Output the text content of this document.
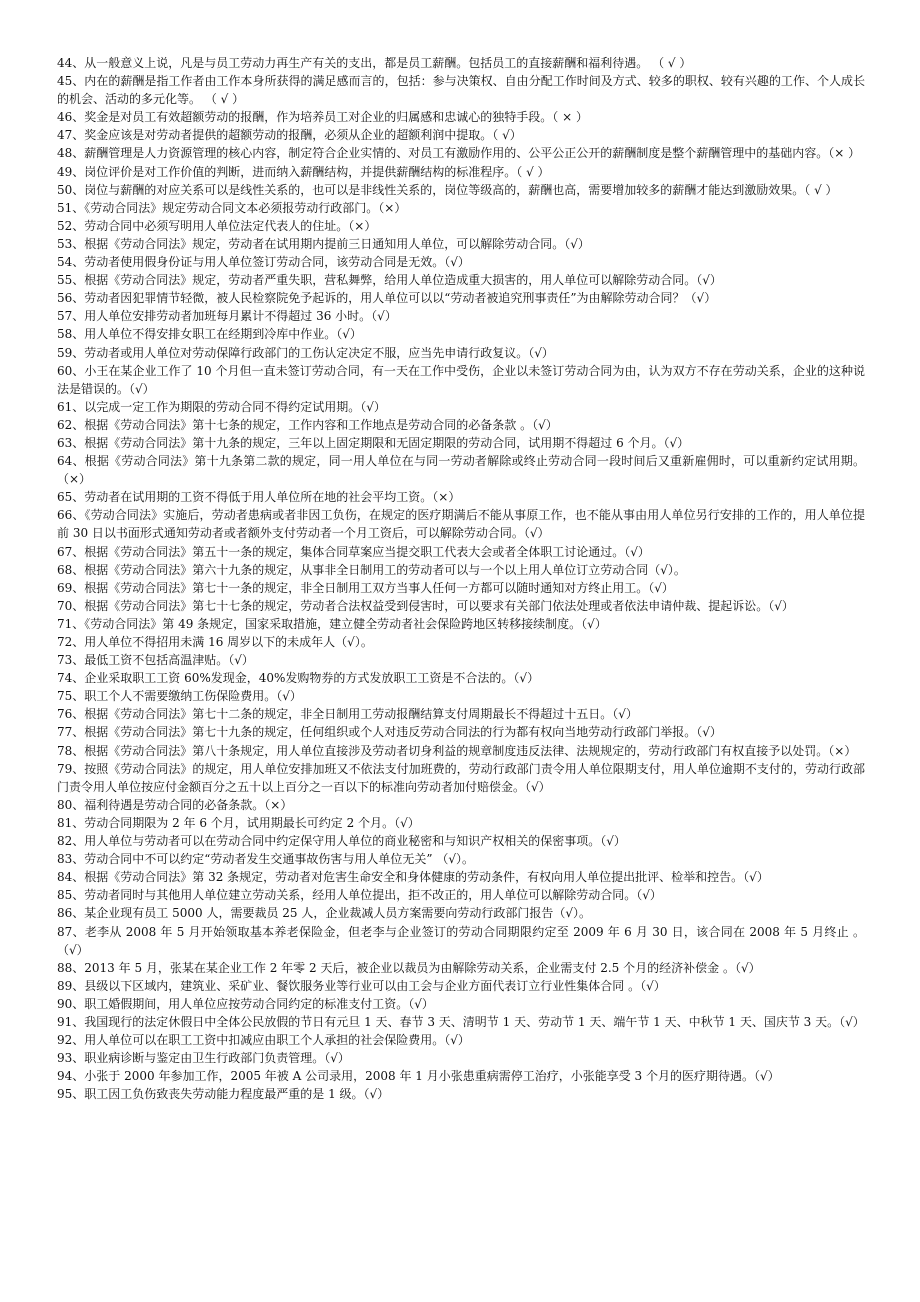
44、从一般意义上说，凡是与员工劳动力再生产有关的支出，都是员工薪酬。包括员工的直接薪酬和福利待遇。 （ √ ）

45、内在的薪酬是指工作者由工作本身所获得的满足感而言的，包括：参与决策权、自由分配工作时间及方式、较多的职权、较有兴趣的工作、个人成长的机会、活动的多元化等。 （ √ ）

46、奖金是对员工有效超额劳动的报酬，作为培养员工对企业的归属感和忠诚心的独特手段。（ × ）

47、奖金应该是对劳动者提供的超额劳动的报酬，必须从企业的超额利润中提取。（ √）

48、薪酬管理是人力资源管理的核心内容，制定符合企业实情的、对员工有激励作用的、公平公正公开的薪酬制度是整个薪酬管理中的基础内容。（× ）

49、岗位评价是对工作价值的判断，进而纳入薪酬结构，并提供薪酬结构的标准程序。（ √ ）

50、岗位与薪酬的对应关系可以是线性关系的，也可以是非线性关系的，岗位等级高的，薪酬也高，需要增加较多的薪酬才能达到激励效果。（ √ ）

51、《劳动合同法》规定劳动合同文本必须报劳动行政部门。（×）

52、劳动合同中必须写明用人单位法定代表人的住址。（×）

53、根据《劳动合同法》规定，劳动者在试用期内提前三日通知用人单位，可以解除劳动合同。（√）

54、劳动者使用假身份证与用人单位签订劳动合同，该劳动合同是无效。（√）

55、根据《劳动合同法》规定，劳动者严重失职，营私舞弊，给用人单位造成重大损害的，用人单位可以解除劳动合同。（√）

56、劳动者因犯罪情节轻微，被人民检察院免予起诉的，用人单位可以以“劳动者被追究刑事责任”为由解除劳动合同？（√）

57、用人单位安排劳动者加班每月累计不得超过 36 小时。（√）

58、用人单位不得安排女职工在经期到冷库中作业。（√）

59、劳动者或用人单位对劳动保障行政部门的工伤认定决定不服，应当先申请行政复议。（√）

60、小王在某企业工作了 10 个月但一直未签订劳动合同，有一天在工作中受伤，企业以未签订劳动合同为由，认为双方不存在劳动关系，企业的这种说法是错误的。（√）

61、以完成一定工作为期限的劳动合同不得约定试用期。（√）

62、根据《劳动合同法》第十七条的规定，工作内容和工作地点是劳动合同的必备条款 。（√）

63、根据《劳动合同法》第十九条的规定，三年以上固定期限和无固定期限的劳动合同，试用期不得超过 6 个月。（√）

64、根据《劳动合同法》第十九条第二款的规定，同一用人单位在与同一劳动者解除或终止劳动合同一段时间后又重新雇佣时，可以重新约定试用期。（×）

65、劳动者在试用期的工资不得低于用人单位所在地的社会平均工资。（×）

66、《劳动合同法》实施后，劳动者患病或者非因工负伤，在规定的医疗期满后不能从事原工作，也不能从事由用人单位另行安排的工作的，用人单位提前 30 日以书面形式通知劳动者或者额外支付劳动者一个月工资后，可以解除劳动合同。（√）

67、根据《劳动合同法》第五十一条的规定，集体合同草案应当提交职工代表大会或者全体职工讨论通过。（√）

68、根据《劳动合同法》第六十九条的规定，从事非全日制用工的劳动者可以与一个以上用人单位订立劳动合同（√）。

69、根据《劳动合同法》第七十一条的规定，非全日制用工双方当事人任何一方都可以随时通知对方终止用工。（√）

70、根据《劳动合同法》第七十七条的规定，劳动者合法权益受到侵害时，可以要求有关部门依法处理或者依法申请仲裁、提起诉讼。（√）

71、《劳动合同法》第 49 条规定，国家采取措施，建立健全劳动者社会保险跨地区转移接续制度。（√）

72、用人单位不得招用未满 16 周岁以下的未成年人（√）。

73、最低工资不包括高温津贴。（√）

74、企业采取职工工资 60%发现金，40%发购物券的方式发放职工工资是不合法的。（√）

75、职工个人不需要缴纳工伤保险费用。（√）

76、根据《劳动合同法》第七十二条的规定，非全日制用工劳动报酬结算支付周期最长不得超过十五日。（√）

77、根据《劳动合同法》第七十九条的规定，任何组织或个人对违反劳动合同法的行为都有权向当地劳动行政部门举报。（√）

78、根据《劳动合同法》第八十条规定，用人单位直接涉及劳动者切身利益的规章制度违反法律、法规规定的，劳动行政部门有权直接予以处罚。（×）

79、按照《劳动合同法》的规定，用人单位安排加班又不依法支付加班费的，劳动行政部门责令用人单位限期支付，用人单位逾期不支付的，劳动行政部门责令用人单位按应付金额百分之五十以上百分之一百以下的标准向劳动者加付赔偿金。（√）

80、福利待遇是劳动合同的必备条款。（×）

81、劳动合同期限为 2 年 6 个月，试用期最长可约定 2 个月。（√）

82、用人单位与劳动者可以在劳动合同中约定保守用人单位的商业秘密和与知识产权相关的保密事项。（√）

83、劳动合同中不可以约定“劳动者发生交通事故伤害与用人单位无关” （√）。

84、根据《劳动合同法》第 32 条规定，劳动者对危害生命安全和身体健康的劳动条件，有权向用人单位提出批评、检举和控告。（√）

85、劳动者同时与其他用人单位建立劳动关系，经用人单位提出，拒不改正的，用人单位可以解除劳动合同。（√）

86、某企业现有员工 5000 人，需要裁员 25 人，企业裁减人员方案需要向劳动行政部门报告（√）。

87、老李从 2008 年 5 月开始领取基本养老保险金，但老李与企业签订的劳动合同期限约定至 2009 年 6 月 30 日，该合同在 2008 年 5 月终止 。（√）

88、2013 年 5 月，张某在某企业工作 2 年零 2 天后，被企业以裁员为由解除劳动关系，企业需支付 2.5 个月的经济补偿金 。（√）

89、县级以下区域内，建筑业、采矿业、餐饮服务业等行业可以由工会与企业方面代表订立行业性集体合同 。（√）

90、职工婚假期间，用人单位应按劳动合同约定的标准支付工资。（√）

91、我国现行的法定休假日中全体公民放假的节日有元旦 1 天、春节 3 天、清明节 1 天、劳动节 1 天、端午节 1 天、中秋节 1 天、国庆节 3 天。（√）

92、用人单位可以在职工工资中扣减应由职工个人承担的社会保险费用。（√）

93、职业病诊断与鉴定由卫生行政部门负责管理。（√）

94、小张于 2000 年参加工作，2005 年被 A 公司录用，2008 年 1 月小张患重病需停工治疗，小张能享受 3 个月的医疗期待遇。（√）

95、职工因工负伤致丧失劳动能力程度最严重的是 1 级。（√）
